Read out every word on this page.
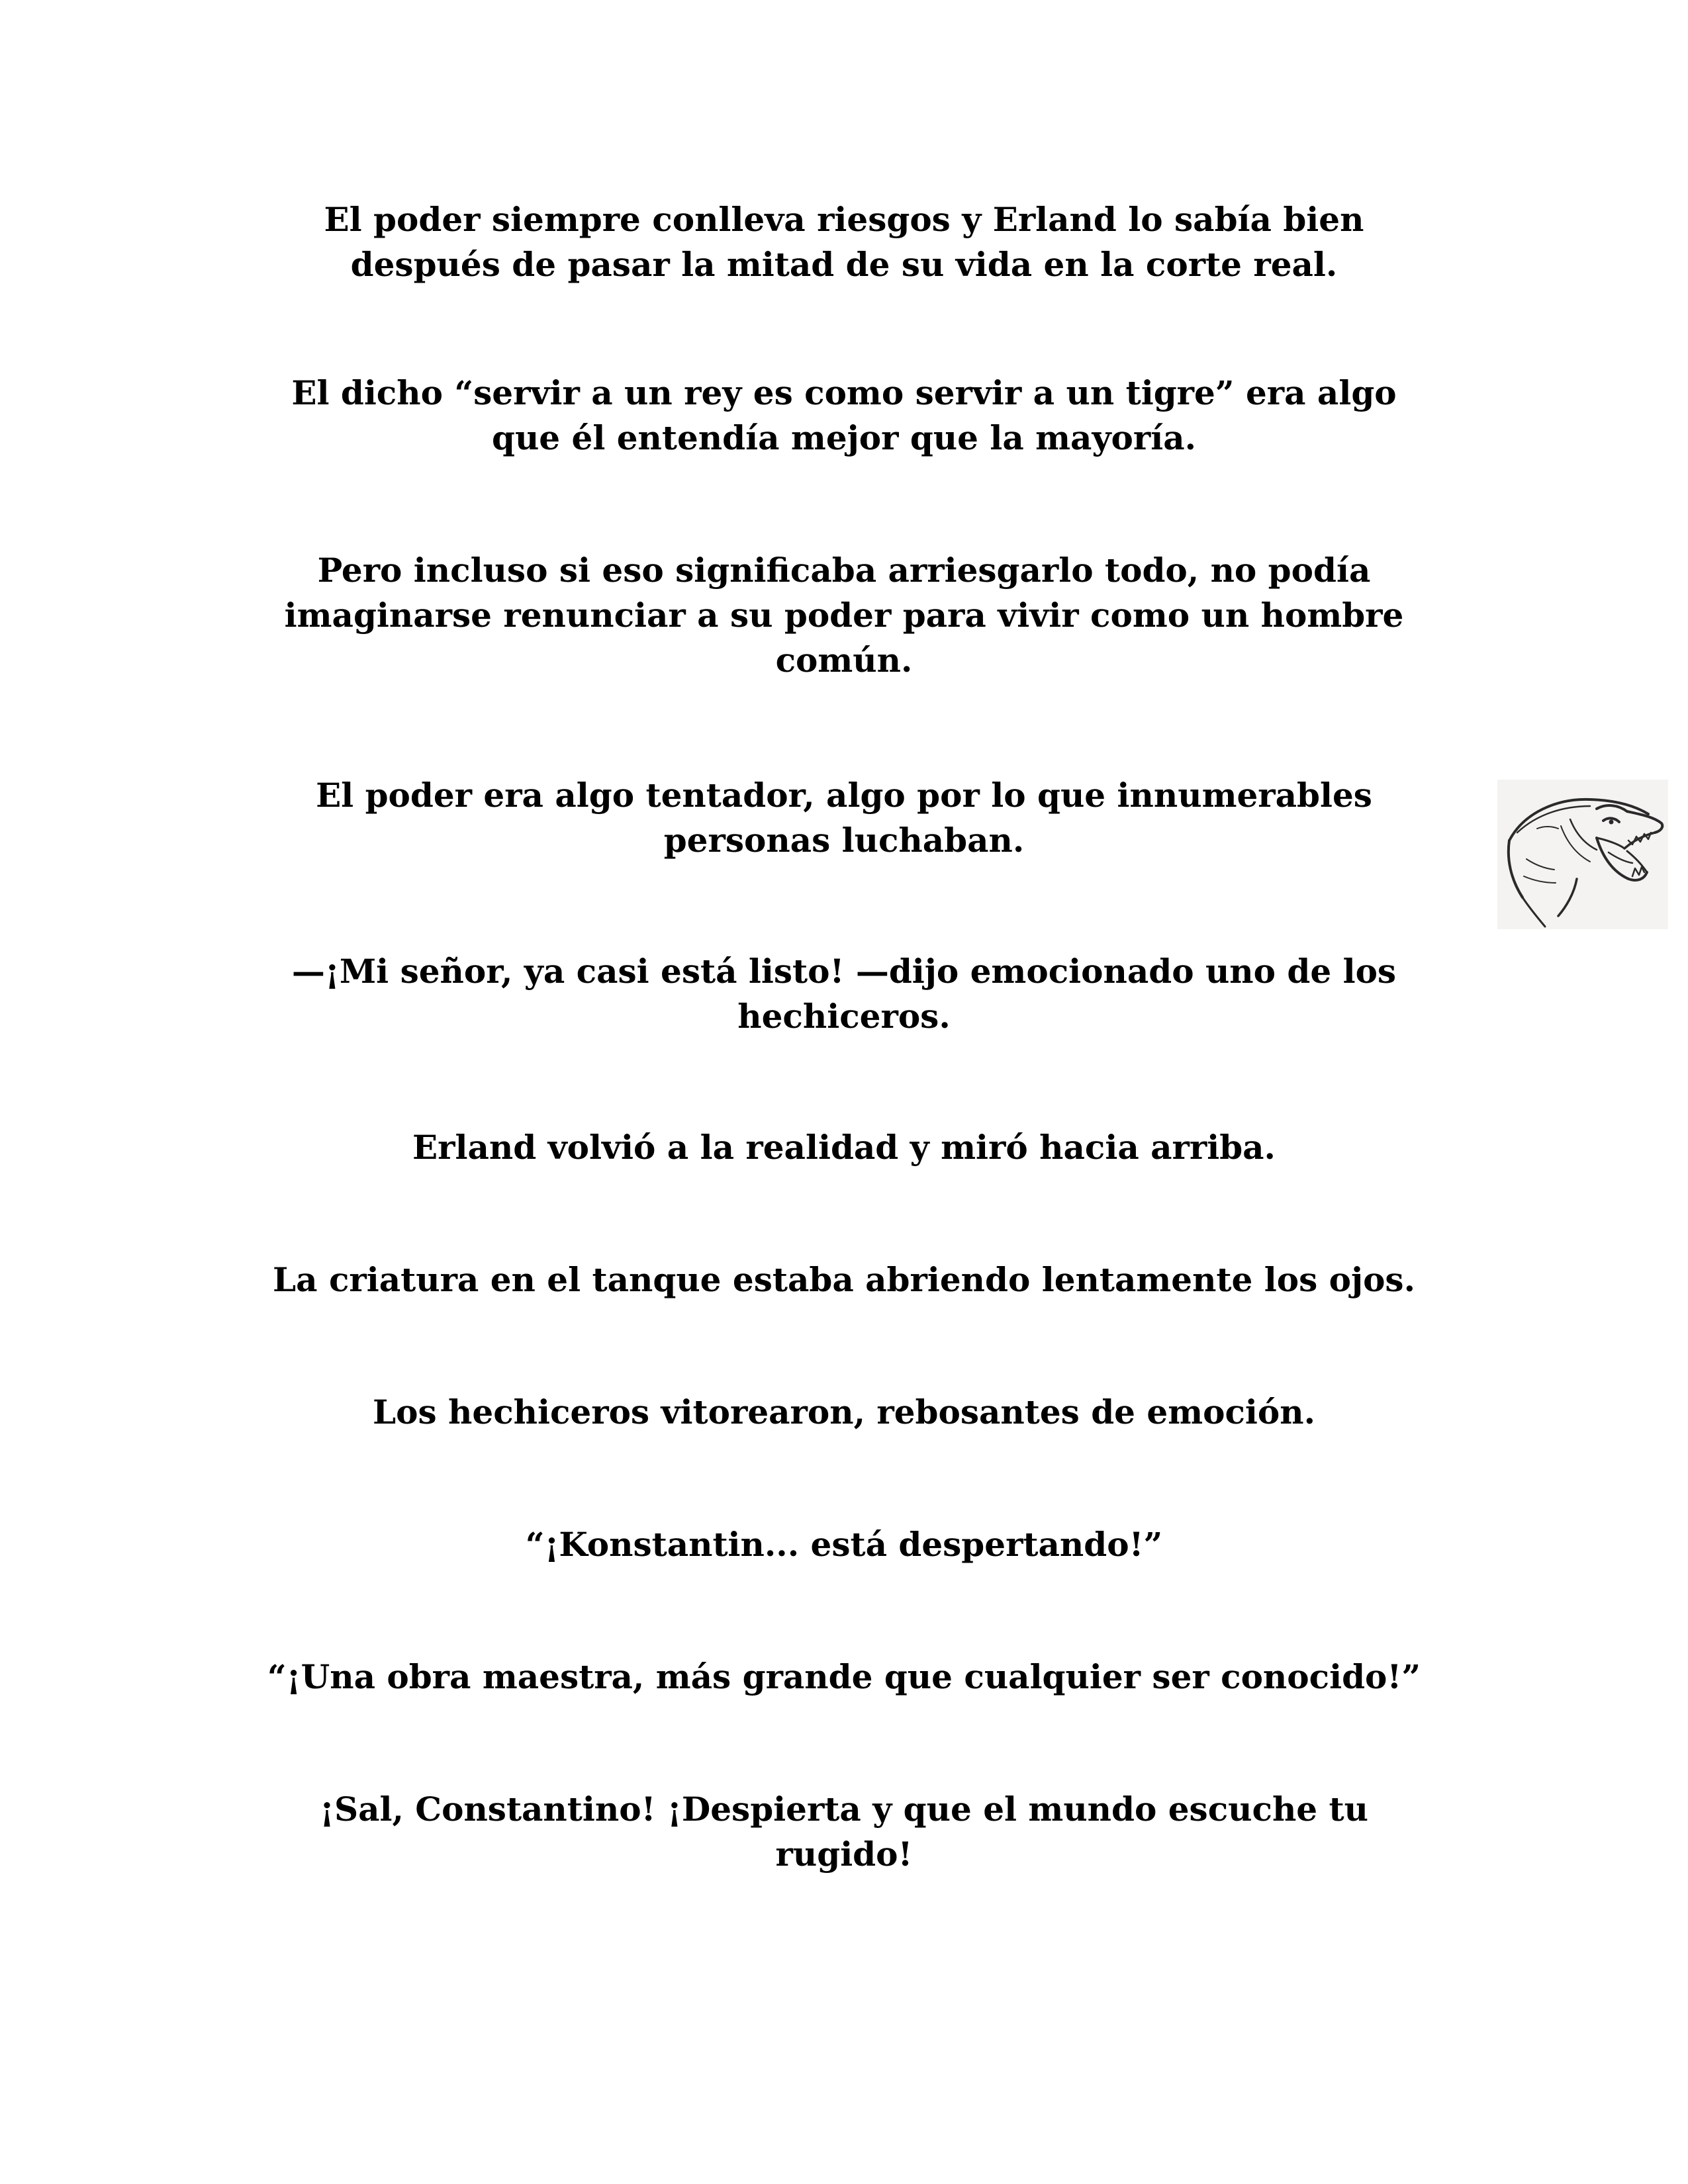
El poder siempre conlleva riesgos y Erland lo sabía bien
después de pasar la mitad de su vida en la corte real.

El dicho “servir a un rey es como servir a un tigre” era algo
que él entendía mejor que la mayoría.

Pero incluso si eso significaba arriesgarlo todo, no podía
imaginarse renunciar a su poder para vivir como un hombre
común.

El poder era algo tentador, algo por lo que innumerables
personas luchaban.

—¡Mi señor, ya casi está listo! —dijo emocionado uno de los
hechiceros.

Erland volvió a la realidad y miró hacia arriba.

La criatura en el tanque estaba abriendo lentamente los ojos.

Los hechiceros vitorearon, rebosantes de emoción.

“¡Konstantin... está despertando!”

“¡Una obra maestra, más grande que cualquier ser conocido!”

¡Sal, Constantino! ¡Despierta y que el mundo escuche tu
rugido!
